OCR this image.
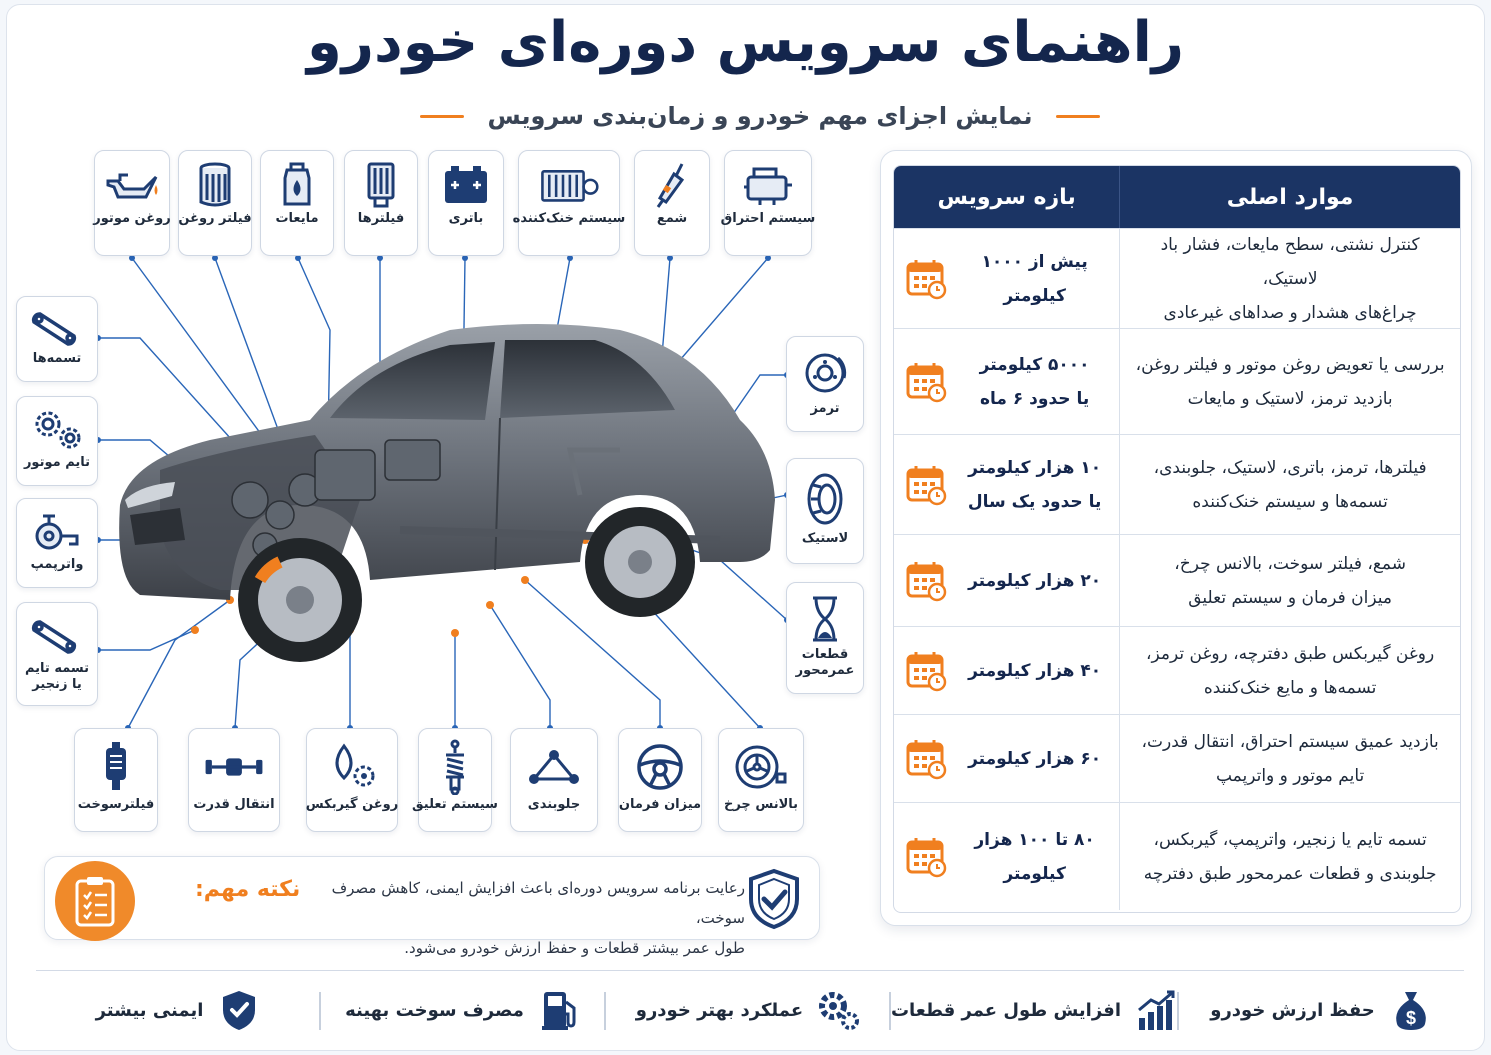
راهنمای سرویس دوره‌ای خودرو
نمایش اجزای مهم خودرو و زمان‌بندی سرویس
سیستم احتراق
شمع
سیستم خنک‌کننده
باتری
فیلترها
مایعات
فیلتر روغن
روغن موتور
تسمه‌ها
تایم موتور
واترپمپ
تسمه تایم
یا زنجیر
ترمز
لاستیک
قطعات
عمرمحور
بالانس چرخ
میزان فرمان
جلوبندی
سیستم تعلیق
روغن گیربکس
انتقال قدرت
فیلترسوخت
موارد اصلی
بازه سرویس
کنترل نشتی، سطح مایعات، فشار باد لاستیک،
چراغ‌های هشدار و صداهای غیرعادی
پیش از ۱۰۰۰ کیلومتر
بررسی یا تعویض روغن موتور و فیلتر روغن،
بازدید ترمز، لاستیک و مایعات
۵۰۰۰ کیلومتر
یا حدود ۶ ماه
فیلترها، ترمز، باتری، لاستیک، جلوبندی،
تسمه‌ها و سیستم خنک‌کننده
۱۰ هزار کیلومتر
یا حدود یک سال
شمع، فیلتر سوخت، بالانس چرخ،
میزان فرمان و سیستم تعلیق
۲۰ هزار کیلومتر
روغن گیربکس طبق دفترچه، روغن ترمز،
تسمه‌ها و مایع خنک‌کننده
۴۰ هزار کیلومتر
بازدید عمیق سیستم احتراق، انتقال قدرت،
تایم موتور و واترپمپ
۶۰ هزار کیلومتر
تسمه تایم یا زنجیر، واترپمپ، گیربکس،
جلوبندی و قطعات عمرمحور طبق دفترچه
۸۰ تا ۱۰۰ هزار کیلومتر

رعایت برنامه سرویس دوره‌ای باعث افزایش ایمنی، کاهش مصرف سوخت،
طول عمر بیشتر قطعات و حفظ ارزش خودرو می‌شود.

نکته مهم:
$
حفظ ارزش خودرو
افزایش طول عمر قطعات
عملکرد بهتر خودرو
مصرف سوخت بهینه
ایمنی بیشتر
